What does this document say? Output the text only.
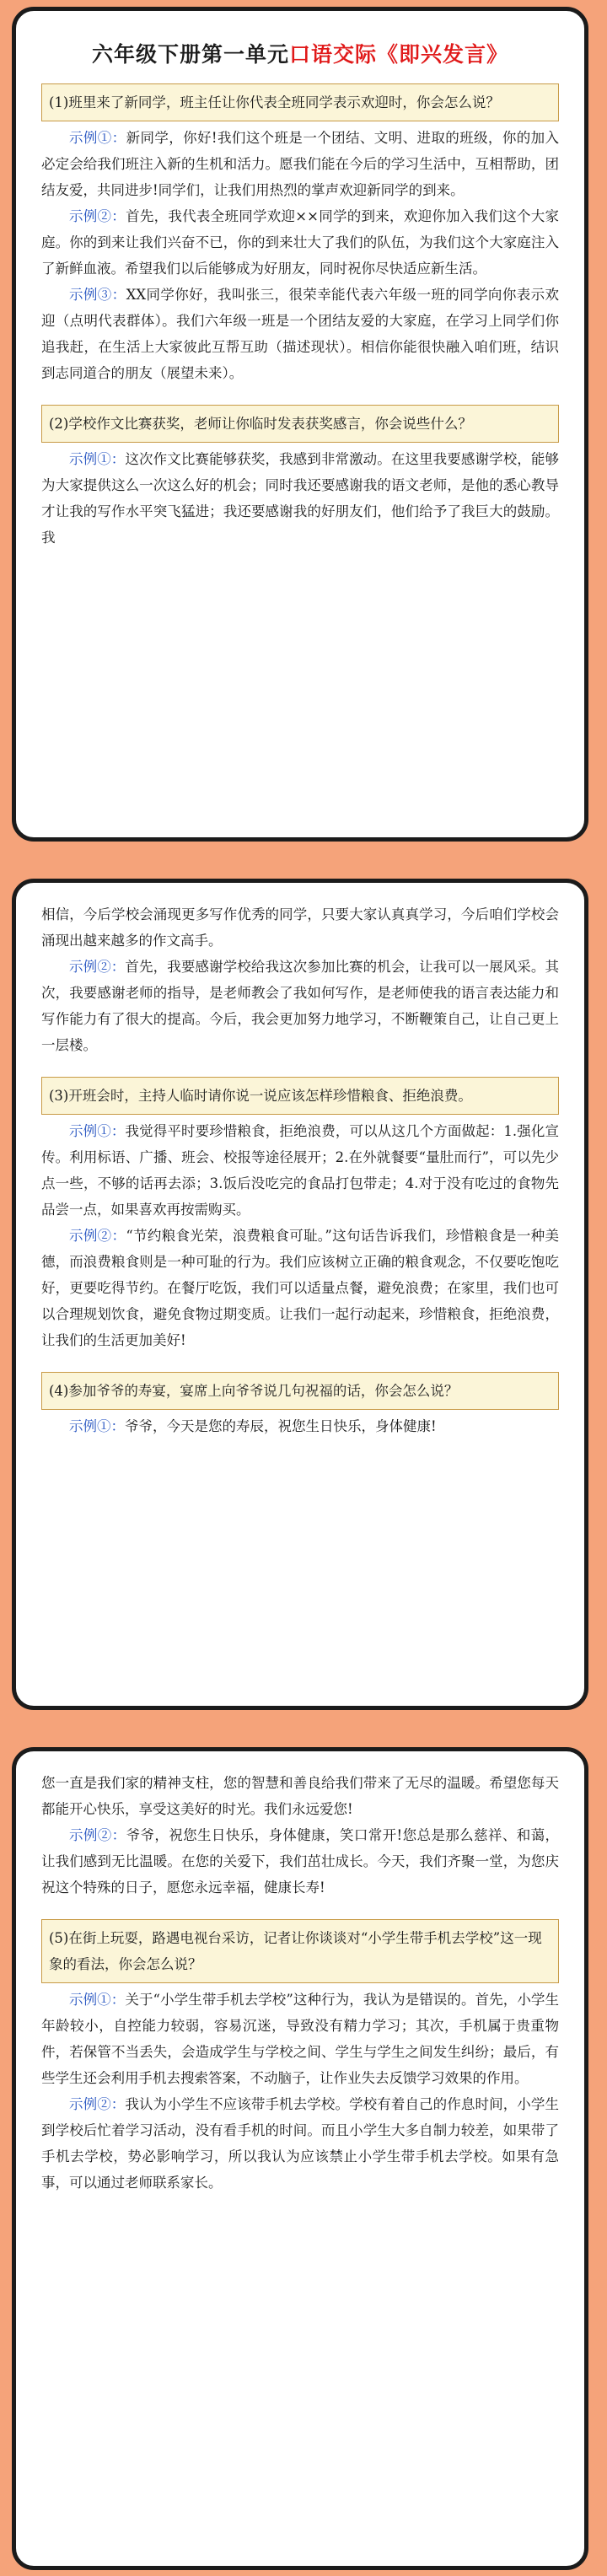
六年级下册第一单元口语交际《即兴发言》
(1)班里来了新同学，班主任让你代表全班同学表示欢迎时，你会怎么说？

示例①：新同学，你好!我们这个班是一个团结、文明、进取的班级，你的加入必定会给我们班注入新的生机和活力。愿我们能在今后的学习生活中，互相帮助，团结友爱，共同进步!同学们，让我们用热烈的掌声欢迎新同学的到来。

示例②：首先，我代表全班同学欢迎××同学的到来，欢迎你加入我们这个大家庭。你的到来让我们兴奋不已，你的到来壮大了我们的队伍，为我们这个大家庭注入了新鲜血液。希望我们以后能够成为好朋友，同时祝你尽快适应新生活。

示例③：XX同学你好，我叫张三，很荣幸能代表六年级一班的同学向你表示欢迎（点明代表群体）。我们六年级一班是一个团结友爱的大家庭，在学习上同学们你追我赶，在生活上大家彼此互帮互助（描述现状）。相信你能很快融入咱们班，结识到志同道合的朋友（展望未来）。

(2)学校作文比赛获奖，老师让你临时发表获奖感言，你会说些什么？

示例①：这次作文比赛能够获奖，我感到非常激动。在这里我要感谢学校，能够为大家提供这么一次这么好的机会；同时我还要感谢我的语文老师，是他的悉心教导才让我的写作水平突飞猛进；我还要感谢我的好朋友们，他们给予了我巨大的鼓励。我

相信，今后学校会涌现更多写作优秀的同学，只要大家认真真学习，今后咱们学校会涌现出越来越多的作文高手。

示例②：首先，我要感谢学校给我这次参加比赛的机会，让我可以一展风采。其次，我要感谢老师的指导，是老师教会了我如何写作，是老师使我的语言表达能力和写作能力有了很大的提高。今后，我会更加努力地学习，不断鞭策自己，让自己更上一层楼。

(3)开班会时，主持人临时请你说一说应该怎样珍惜粮食、拒绝浪费。

示例①：我觉得平时要珍惜粮食，拒绝浪费，可以从这几个方面做起：1.强化宣传。利用标语、广播、班会、校报等途径展开；2.在外就餐要“量肚而行”，可以先少点一些，不够的话再去添；3.饭后没吃完的食品打包带走；4.对于没有吃过的食物先品尝一点，如果喜欢再按需购买。

示例②：“节约粮食光荣，浪费粮食可耻。”这句话告诉我们，珍惜粮食是一种美德，而浪费粮食则是一种可耻的行为。我们应该树立正确的粮食观念，不仅要吃饱吃好，更要吃得节约。在餐厅吃饭，我们可以适量点餐，避免浪费；在家里，我们也可以合理规划饮食，避免食物过期变质。让我们一起行动起来，珍惜粮食，拒绝浪费，让我们的生活更加美好!

(4)参加爷爷的寿宴，宴席上向爷爷说几句祝福的话，你会怎么说？

示例①：爷爷，今天是您的寿辰，祝您生日快乐，身体健康!

您一直是我们家的精神支柱，您的智慧和善良给我们带来了无尽的温暖。希望您每天都能开心快乐，享受这美好的时光。我们永远爱您!

示例②：爷爷，祝您生日快乐，身体健康，笑口常开!您总是那么慈祥、和蔼，让我们感到无比温暖。在您的关爱下，我们茁壮成长。今天，我们齐聚一堂，为您庆祝这个特殊的日子，愿您永远幸福，健康长寿!

(5)在街上玩耍，路遇电视台采访，记者让你谈谈对“小学生带手机去学校”这一现象的看法，你会怎么说？

示例①：关于“小学生带手机去学校”这种行为，我认为是错误的。首先，小学生年龄较小，自控能力较弱，容易沉迷，导致没有精力学习；其次，手机属于贵重物件，若保管不当丢失，会造成学生与学校之间、学生与学生之间发生纠纷；最后，有些学生还会利用手机去搜索答案，不动脑子，让作业失去反馈学习效果的作用。

示例②：我认为小学生不应该带手机去学校。学校有着自己的作息时间，小学生到学校后忙着学习活动，没有看手机的时间。而且小学生大多自制力较差，如果带了手机去学校，势必影响学习，所以我认为应该禁止小学生带手机去学校。如果有急事，可以通过老师联系家长。
